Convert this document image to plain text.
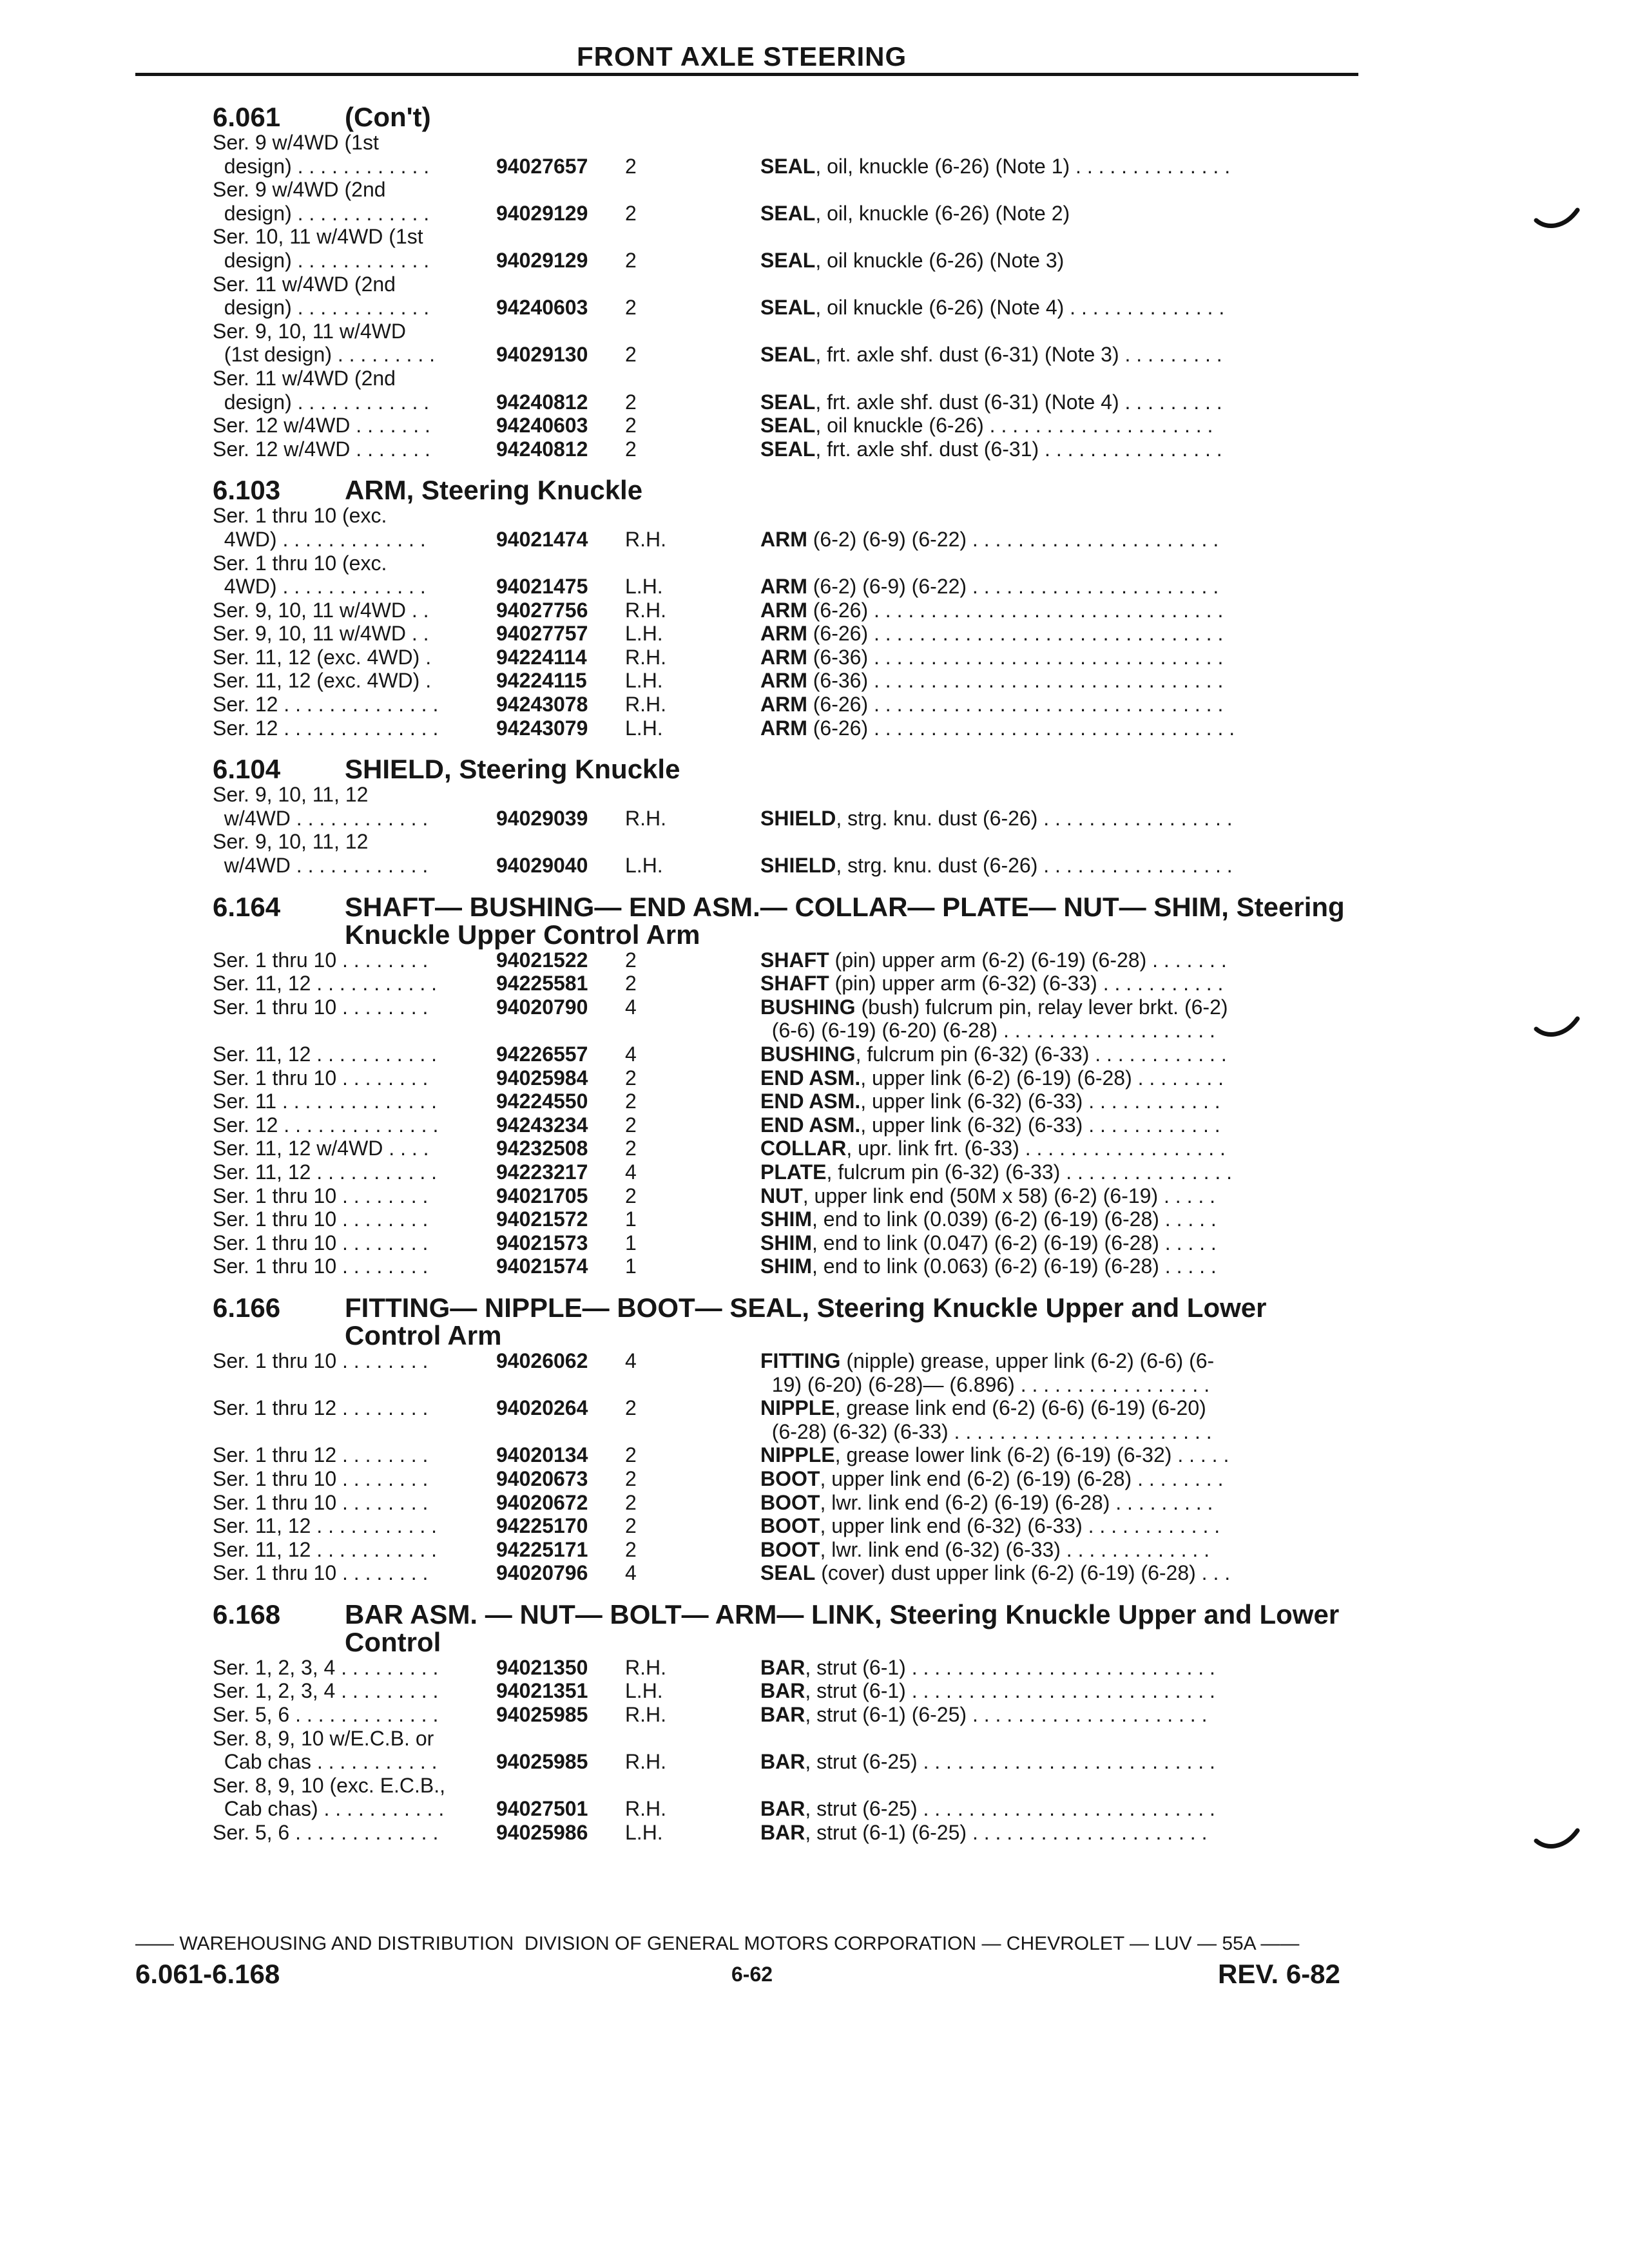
FRONT AXLE STEERING
6.061	(Con't)
Ser. 9 w/4WD (1st
design) . . . . . . . . . . . .	94027657	2	SEAL, oil, knuckle (6-26) (Note 1) . . . . . . . . . . . . . .
Ser. 9 w/4WD (2nd
design) . . . . . . . . . . . .	94029129	2	SEAL, oil, knuckle (6-26) (Note 2)
Ser. 10, 11 w/4WD (1st
design) . . . . . . . . . . . .	94029129	2	SEAL, oil knuckle (6-26) (Note 3)
Ser. 11 w/4WD (2nd
design) . . . . . . . . . . . .	94240603	2	SEAL, oil knuckle (6-26) (Note 4) . . . . . . . . . . . . . .
Ser. 9, 10, 11 w/4WD
(1st design) . . . . . . . . .	94029130	2	SEAL, frt. axle shf. dust (6-31) (Note 3) . . . . . . . . .
Ser. 11 w/4WD (2nd
design) . . . . . . . . . . . .	94240812	2	SEAL, frt. axle shf. dust (6-31) (Note 4) . . . . . . . . .
Ser. 12 w/4WD . . . . . . .	94240603	2	SEAL, oil knuckle (6-26) . . . . . . . . . . . . . . . . . . . .
Ser. 12 w/4WD . . . . . . .	94240812	2	SEAL, frt. axle shf. dust (6-31) . . . . . . . . . . . . . . . .
6.103	ARM, Steering Knuckle
Ser. 1 thru 10 (exc.
4WD) . . . . . . . . . . . . .	94021474	R.H.	ARM (6-2) (6-9) (6-22) . . . . . . . . . . . . . . . . . . . . . .
Ser. 1 thru 10 (exc.
4WD) . . . . . . . . . . . . .	94021475	L.H.	ARM (6-2) (6-9) (6-22) . . . . . . . . . . . . . . . . . . . . . .
Ser. 9, 10, 11 w/4WD . .	94027756	R.H.	ARM (6-26) . . . . . . . . . . . . . . . . . . . . . . . . . . . . . . .
Ser. 9, 10, 11 w/4WD . .	94027757	L.H.	ARM (6-26) . . . . . . . . . . . . . . . . . . . . . . . . . . . . . . .
Ser. 11, 12 (exc. 4WD) .	94224114	R.H.	ARM (6-36) . . . . . . . . . . . . . . . . . . . . . . . . . . . . . . .
Ser. 11, 12 (exc. 4WD) .	94224115	L.H.	ARM (6-36) . . . . . . . . . . . . . . . . . . . . . . . . . . . . . . .
Ser. 12 . . . . . . . . . . . . . .	94243078	R.H.	ARM (6-26) . . . . . . . . . . . . . . . . . . . . . . . . . . . . . . .
Ser. 12 . . . . . . . . . . . . . .	94243079	L.H.	ARM (6-26) . . . . . . . . . . . . . . . . . . . . . . . . . . . . . . . .
6.104	SHIELD, Steering Knuckle
Ser. 9, 10, 11, 12
w/4WD . . . . . . . . . . . .	94029039	R.H.	SHIELD, strg. knu. dust (6-26) . . . . . . . . . . . . . . . . .
Ser. 9, 10, 11, 12
w/4WD . . . . . . . . . . . .	94029040	L.H.	SHIELD, strg. knu. dust (6-26) . . . . . . . . . . . . . . . . .
6.164	SHAFT— BUSHING— END ASM.— COLLAR— PLATE— NUT— SHIM, Steering Knuckle Upper Control Arm
Ser. 1 thru 10 . . . . . . . .	94021522	2	SHAFT (pin) upper arm (6-2) (6-19) (6-28) . . . . . . .
Ser. 11, 12 . . . . . . . . . . .	94225581	2	SHAFT (pin) upper arm (6-32) (6-33) . . . . . . . . . . .
Ser. 1 thru 10 . . . . . . . .	94020790	4	BUSHING (bush) fulcrum pin, relay lever brkt. (6-2)
(6-6) (6-19) (6-20) (6-28) . . . . . . . . . . . . . . . . . . .
Ser. 11, 12 . . . . . . . . . . .	94226557	4	BUSHING, fulcrum pin (6-32) (6-33) . . . . . . . . . . . .
Ser. 1 thru 10 . . . . . . . .	94025984	2	END ASM., upper link (6-2) (6-19) (6-28) . . . . . . . .
Ser. 11 . . . . . . . . . . . . . .	94224550	2	END ASM., upper link (6-32) (6-33) . . . . . . . . . . . .
Ser. 12 . . . . . . . . . . . . . .	94243234	2	END ASM., upper link (6-32) (6-33) . . . . . . . . . . . .
Ser. 11, 12 w/4WD . . . .	94232508	2	COLLAR, upr. link frt. (6-33) . . . . . . . . . . . . . . . . . .
Ser. 11, 12 . . . . . . . . . . .	94223217	4	PLATE, fulcrum pin (6-32) (6-33) . . . . . . . . . . . . . . .
Ser. 1 thru 10 . . . . . . . .	94021705	2	NUT, upper link end (50M x 58) (6-2) (6-19) . . . . .
Ser. 1 thru 10 . . . . . . . .	94021572	1	SHIM, end to link (0.039) (6-2) (6-19) (6-28) . . . . .
Ser. 1 thru 10 . . . . . . . .	94021573	1	SHIM, end to link (0.047) (6-2) (6-19) (6-28) . . . . .
Ser. 1 thru 10 . . . . . . . .	94021574	1	SHIM, end to link (0.063) (6-2) (6-19) (6-28) . . . . .
6.166	FITTING— NIPPLE— BOOT— SEAL, Steering Knuckle Upper and Lower Control Arm
Ser. 1 thru 10 . . . . . . . .	94026062	4	FITTING (nipple) grease, upper link (6-2) (6-6) (6-
19) (6-20) (6-28)— (6.896) . . . . . . . . . . . . . . . . .
Ser. 1 thru 12 . . . . . . . .	94020264	2	NIPPLE, grease link end (6-2) (6-6) (6-19) (6-20)
(6-28) (6-32) (6-33) . . . . . . . . . . . . . . . . . . . . . . .
Ser. 1 thru 12 . . . . . . . .	94020134	2	NIPPLE, grease lower link (6-2) (6-19) (6-32) . . . . .
Ser. 1 thru 10 . . . . . . . .	94020673	2	BOOT, upper link end (6-2) (6-19) (6-28) . . . . . . . .
Ser. 1 thru 10 . . . . . . . .	94020672	2	BOOT, lwr. link end (6-2) (6-19) (6-28) . . . . . . . . .
Ser. 11, 12 . . . . . . . . . . .	94225170	2	BOOT, upper link end (6-32) (6-33) . . . . . . . . . . . .
Ser. 11, 12 . . . . . . . . . . .	94225171	2	BOOT, lwr. link end (6-32) (6-33) . . . . . . . . . . . . .
Ser. 1 thru 10 . . . . . . . .	94020796	4	SEAL (cover) dust upper link (6-2) (6-19) (6-28) . . .
6.168	BAR ASM. — NUT— BOLT— ARM— LINK, Steering Knuckle Upper and Lower Control
Ser. 1, 2, 3, 4 . . . . . . . . .	94021350	R.H.	BAR, strut (6-1) . . . . . . . . . . . . . . . . . . . . . . . . . . .
Ser. 1, 2, 3, 4 . . . . . . . . .	94021351	L.H.	BAR, strut (6-1) . . . . . . . . . . . . . . . . . . . . . . . . . . .
Ser. 5, 6 . . . . . . . . . . . . .	94025985	R.H.	BAR, strut (6-1) (6-25) . . . . . . . . . . . . . . . . . . . . .
Ser. 8, 9, 10 w/E.C.B. or
Cab chas . . . . . . . . . . .	94025985	R.H.	BAR, strut (6-25) . . . . . . . . . . . . . . . . . . . . . . . . . .
Ser. 8, 9, 10 (exc. E.C.B.,
Cab chas) . . . . . . . . . . .	94027501	R.H.	BAR, strut (6-25) . . . . . . . . . . . . . . . . . . . . . . . . . .
Ser. 5, 6 . . . . . . . . . . . . .	94025986	L.H.	BAR, strut (6-1) (6-25) . . . . . . . . . . . . . . . . . . . . .
—— WAREHOUSING AND DISTRIBUTION  DIVISION OF GENERAL MOTORS CORPORATION — CHEVROLET — LUV — 55A ——
6.061-6.168	6-62	REV. 6-82
